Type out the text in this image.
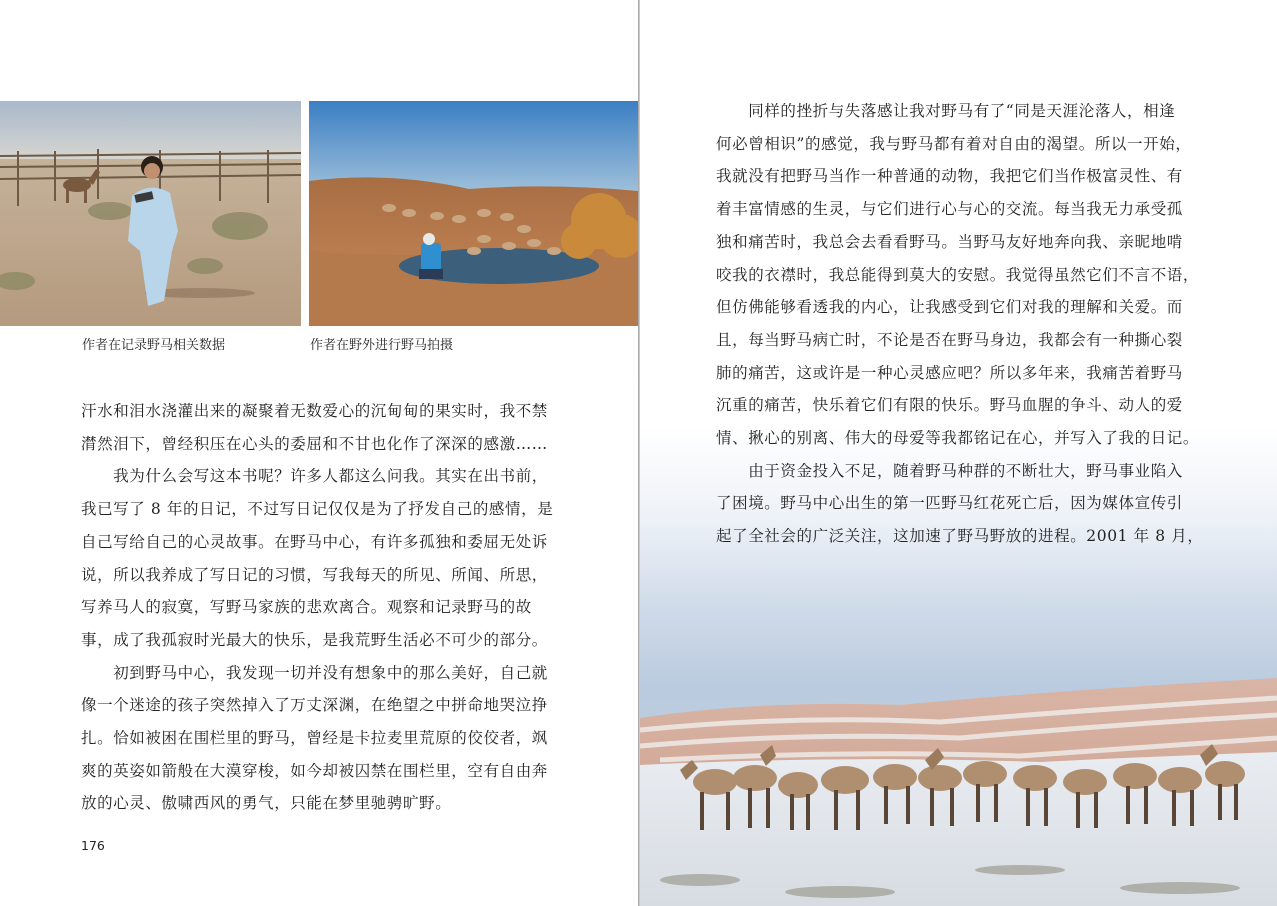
作者在记录野马相关数据	作者在野外进行野马拍摄

汗水和泪水浇灌出来的凝聚着无数爱心的沉甸甸的果实时，我不禁

潸然泪下，曾经积压在心头的委屈和不甘也化作了深深的感激……

　　我为什么会写这本书呢？许多人都这么问我。其实在出书前，

我已写了 8 年的日记，不过写日记仅仅是为了抒发自己的感情，是

自己写给自己的心灵故事。在野马中心，有许多孤独和委屈无处诉

说，所以我养成了写日记的习惯，写我每天的所见、所闻、所思，

写养马人的寂寞，写野马家族的悲欢离合。观察和记录野马的故

事，成了我孤寂时光最大的快乐，是我荒野生活必不可少的部分。

　　初到野马中心，我发现一切并没有想象中的那么美好，自己就

像一个迷途的孩子突然掉入了万丈深渊，在绝望之中拼命地哭泣挣

扎。恰如被困在围栏里的野马，曾经是卡拉麦里荒原的佼佼者，飒

爽的英姿如箭般在大漠穿梭，如今却被囚禁在围栏里，空有自由奔

放的心灵、傲啸西风的勇气，只能在梦里驰骋旷野。

176

　　同样的挫折与失落感让我对野马有了“同是天涯沦落人，相逢

何必曾相识”的感觉，我与野马都有着对自由的渴望。所以一开始，

我就没有把野马当作一种普通的动物，我把它们当作极富灵性、有

着丰富情感的生灵，与它们进行心与心的交流。每当我无力承受孤

独和痛苦时，我总会去看看野马。当野马友好地奔向我、亲昵地啃

咬我的衣襟时，我总能得到莫大的安慰。我觉得虽然它们不言不语，

但仿佛能够看透我的内心，让我感受到它们对我的理解和关爱。而

且，每当野马病亡时，不论是否在野马身边，我都会有一种撕心裂

肺的痛苦，这或许是一种心灵感应吧？所以多年来，我痛苦着野马

沉重的痛苦，快乐着它们有限的快乐。野马血腥的争斗、动人的爱

情、揪心的别离、伟大的母爱等我都铭记在心，并写入了我的日记。

　　由于资金投入不足，随着野马种群的不断壮大，野马事业陷入

了困境。野马中心出生的第一匹野马红花死亡后，因为媒体宣传引

起了全社会的广泛关注，这加速了野马野放的进程。2001 年 8 月，
